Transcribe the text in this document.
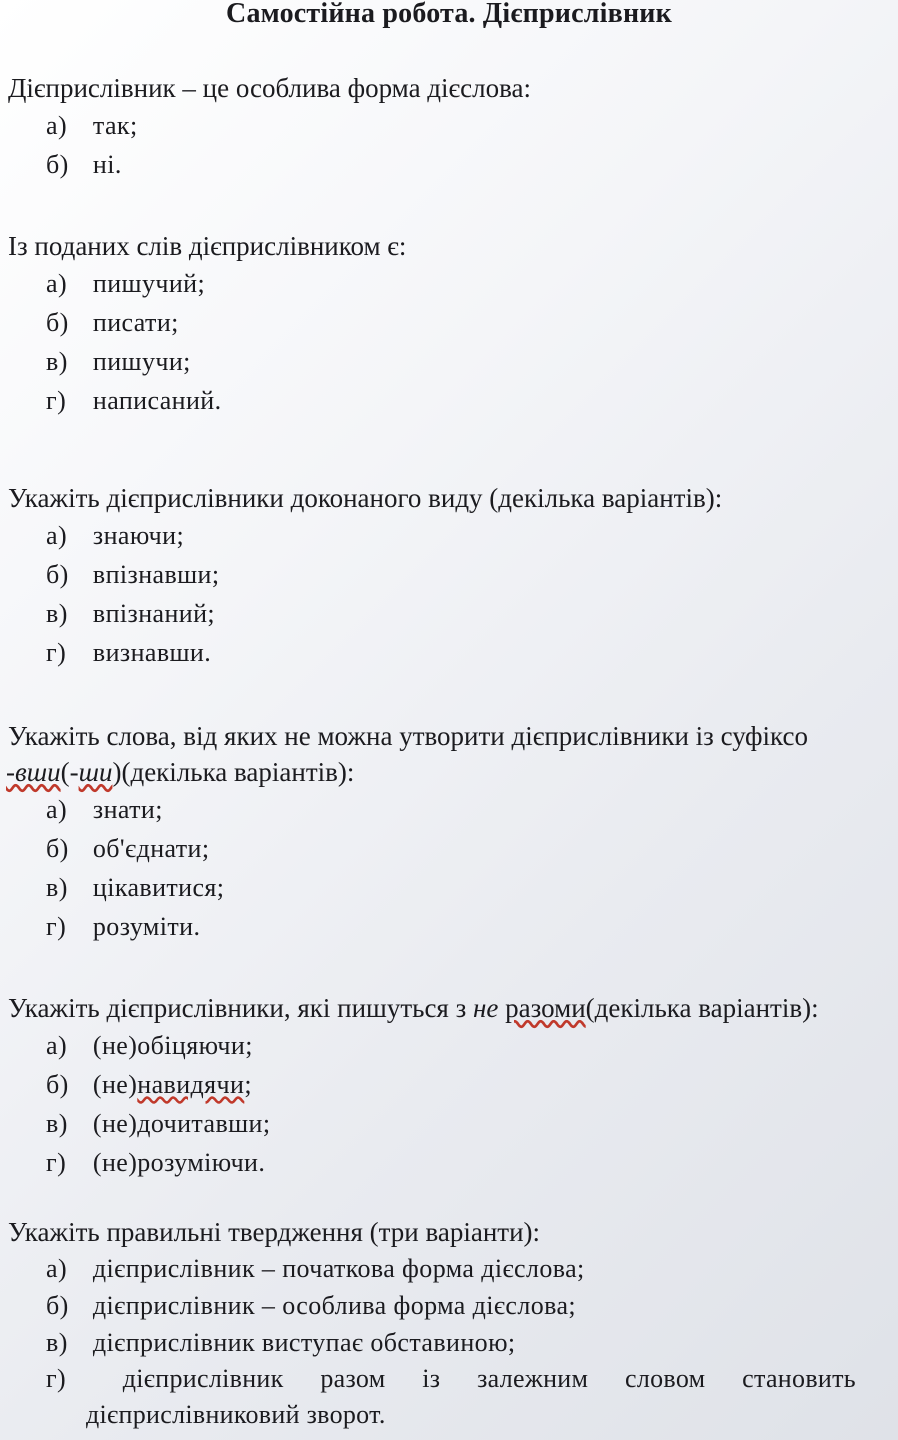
Самостійна робота. Дієприслівник

Дієприслівник – це особлива форма дієслова:

а ) так;
б ) ні.

Із поданих слів дієприслівником є:

а ) пишучий;
б ) писати;
в ) пишучи;
г ) написаний.

Укажіть дієприслівники доконаного виду (декілька варіантів):

а ) знаючи;
б ) впізнавши;
в ) впізнаний;
г ) визнавши.

Укажіть слова, від яких не можна утворити дієприслівники із суфіксо

-вши(-ши)(декілька варіантів):

а ) знати;
б ) об'єднати;
в ) цікавитися;
г ) розуміти.

Укажіть дієприслівники, які пишуться з не разоми(декілька варіантів):

а ) (не)обіцяючи;
б ) (не)навидячи;
в ) (не)дочитавши;
г ) (не)розуміючи.

Укажіть правильні твердження (три варіанти):

а ) дієприслівник – початкова форма дієслова;
б ) дієприслівник – особлива форма дієслова;
в ) дієприслівник виступає обставиною;
г)	дієприслівник разом із залежним словом становить
дієприслівниковий зворот.
